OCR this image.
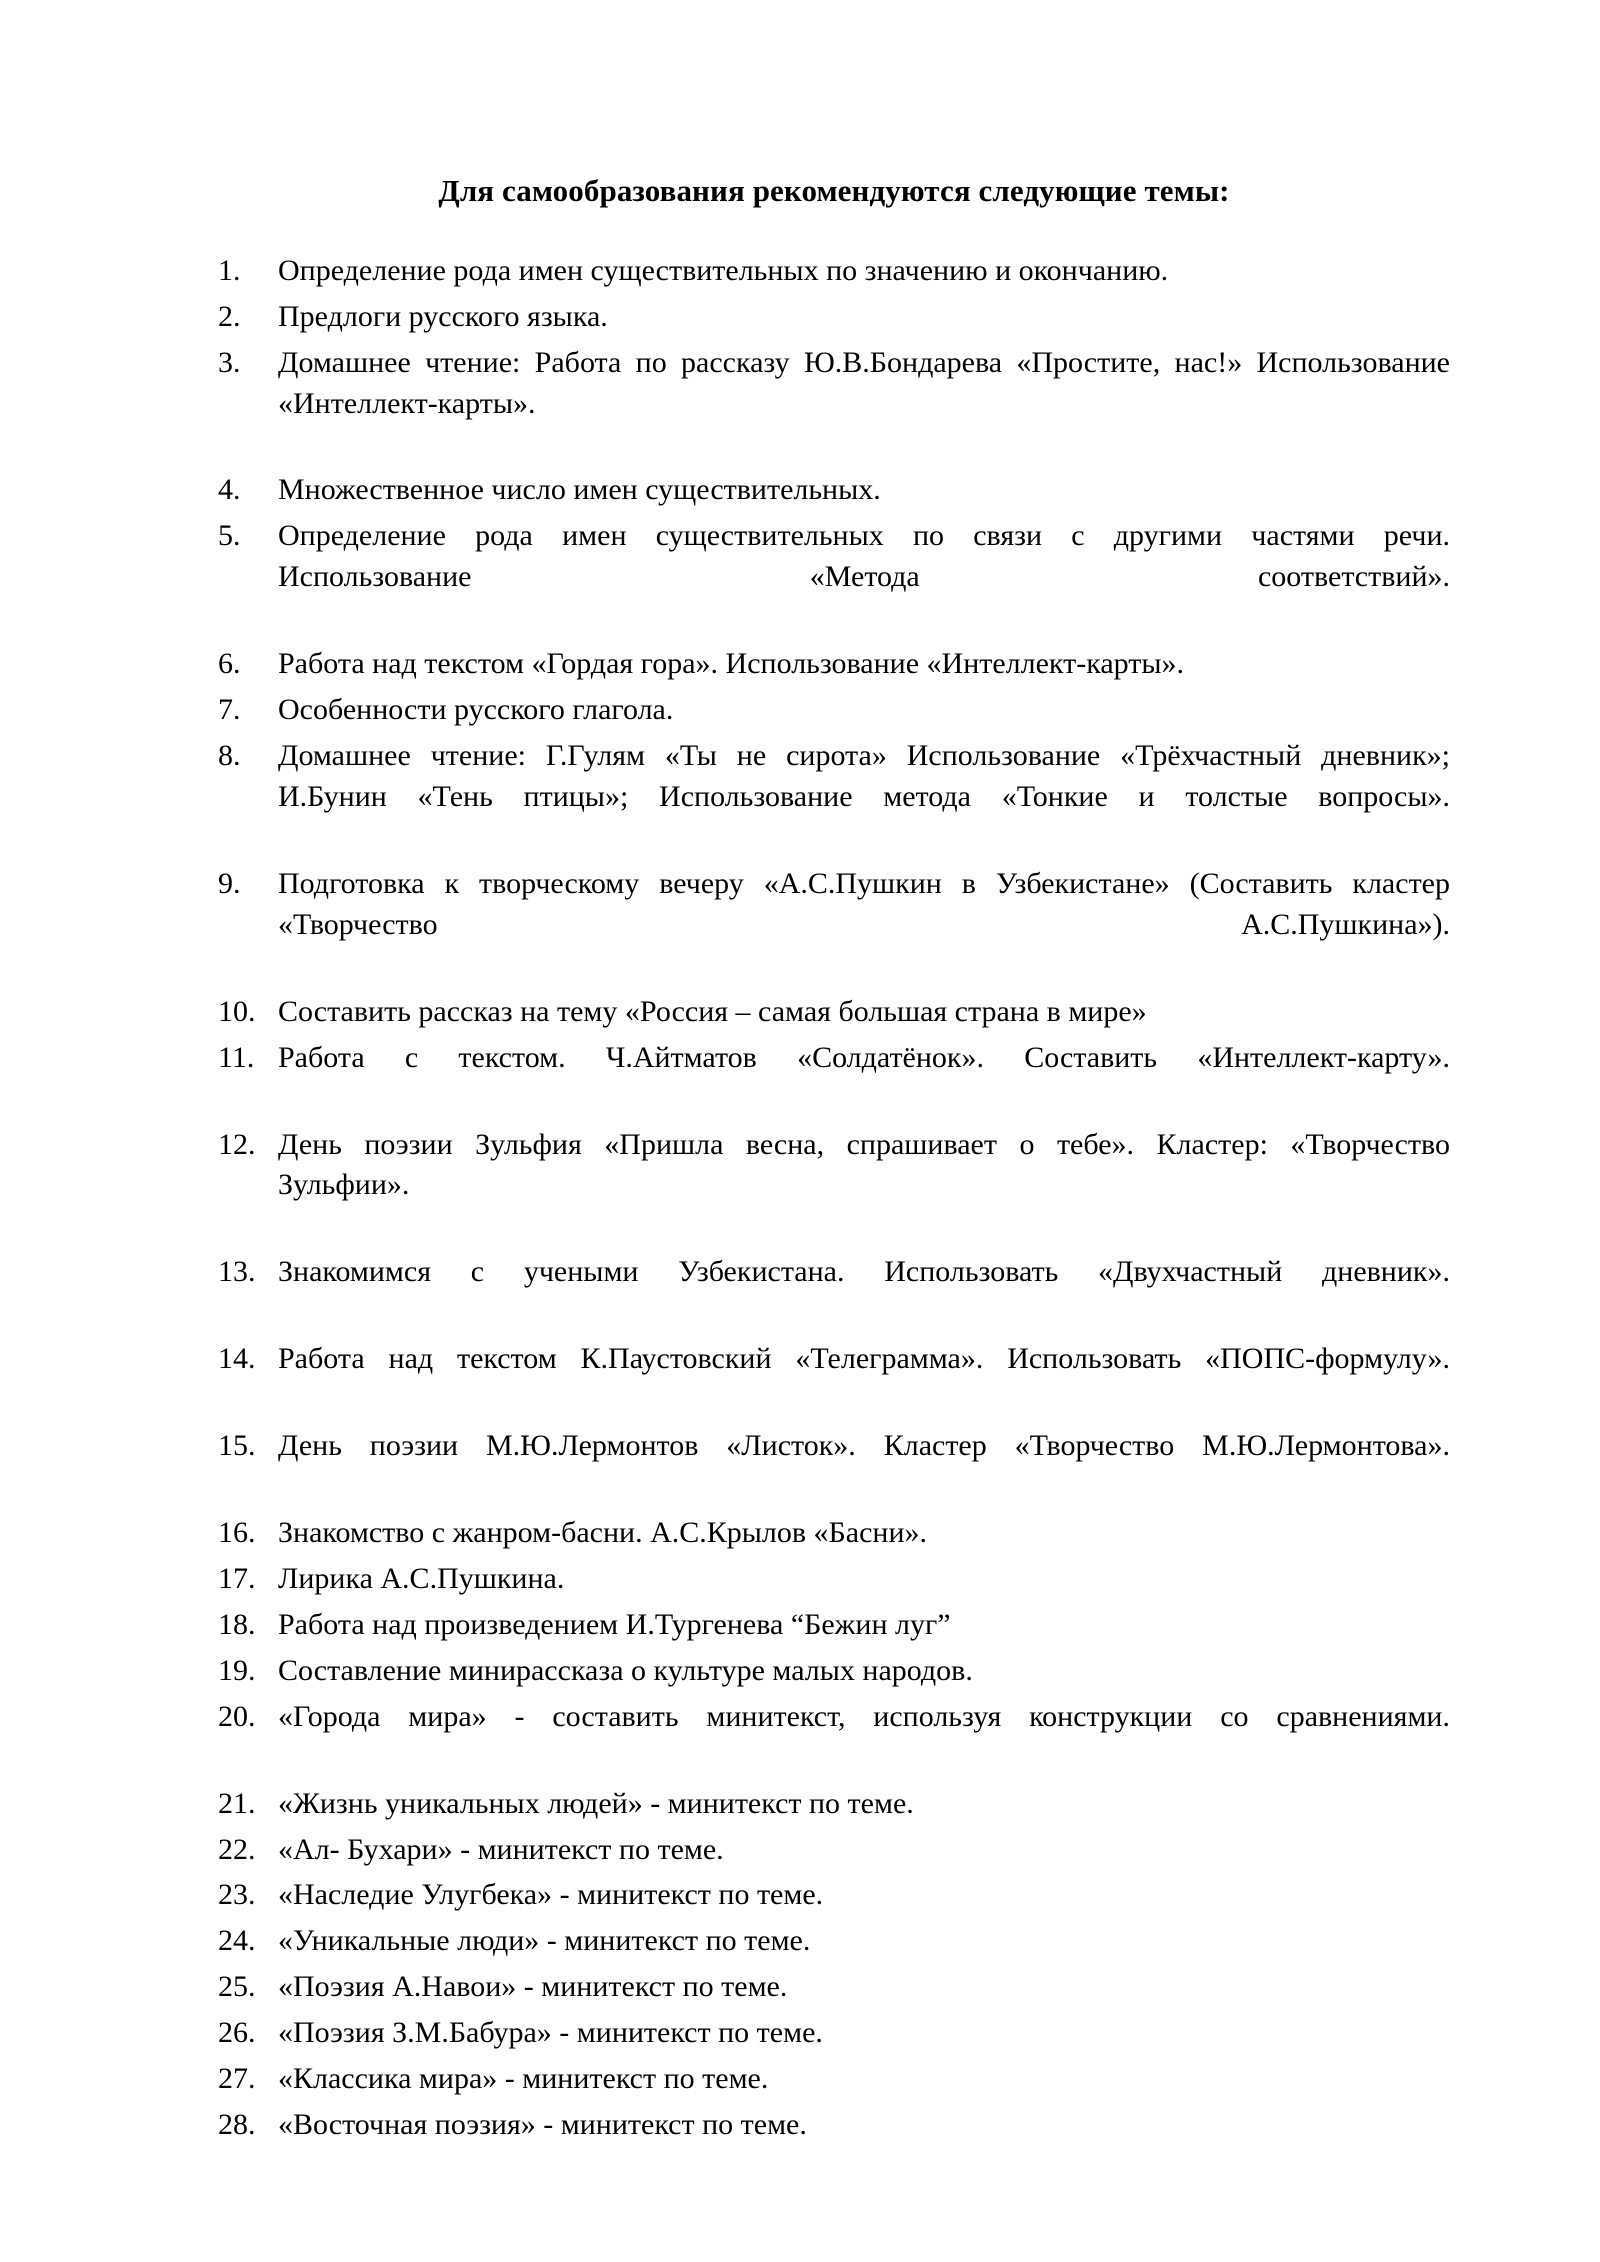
Для самообразования рекомендуются следующие темы:
1.	Определение рода имен существительных по значению и окончанию.
2.	Предлоги русского языка.
3.	Домашнее чтение: Работа по рассказу Ю.В.Бондарева «Простите, нас!» Использование «Интеллект-карты».
4.	Множественное число имен существительных.
5.	Определение рода имен существительных по связи с другими частями речи. Использование «Метода соответствий».
6.	Работа над текстом «Гордая гора». Использование «Интеллект-карты».
7.	Особенности русского глагола.
8.	Домашнее чтение: Г.Гулям «Ты не сирота» Использование «Трёхчастный дневник»; И.Бунин «Тень птицы»; Использование метода «Тонкие и толстые вопросы».
9.	Подготовка к творческому вечеру «А.С.Пушкин в Узбекистане» (Составить кластер «Творчество А.С.Пушкина»).
10. Составить рассказ на тему «Россия – самая большая страна в мире»
11. Работа с текстом. Ч.Айтматов «Солдатёнок». Составить «Интеллект-карту».
12. День поэзии Зульфия «Пришла весна, спрашивает о тебе». Кластер: «Творчество Зульфии».
13. Знакомимся с учеными Узбекистана. Использовать «Двухчастный дневник».
14. Работа над текстом К.Паустовский «Телеграмма». Использовать «ПОПС-формулу».
15. День поэзии М.Ю.Лермонтов «Листок». Кластер «Творчество М.Ю.Лермонтова».
16. Знакомство с жанром-басни. А.С.Крылов «Басни».
17. Лирика А.С.Пушкина.
18. Работа над произведением И.Тургенева “Бежин луг”
19. Составление минирассказа о культуре малых народов.
20. «Города мира» - составить минитекст, используя конструкции со сравнениями.
21. «Жизнь уникальных людей» - минитекст по теме.
22. «Ал- Бухари» - минитекст по теме.
23. «Наследие Улугбека» - минитекст по теме.
24. «Уникальные люди» - минитекст по теме.
25. «Поэзия А.Навои» - минитекст по теме.
26. «Поэзия З.М.Бабура» - минитекст по теме.
27. «Классика мира» - минитекст по теме.
28. «Восточная поэзия» - минитекст по теме.
